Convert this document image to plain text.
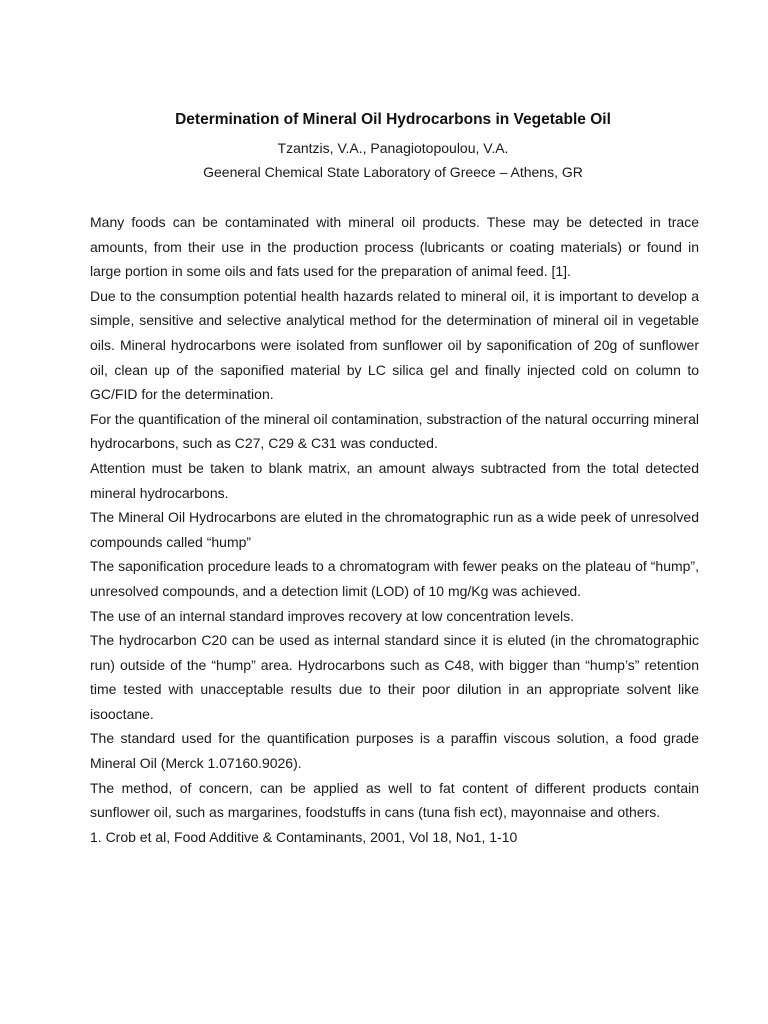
Determination of Mineral Oil Hydrocarbons in Vegetable Oil
Tzantzis, V.A., Panagiotopoulou, V.A.
Geeneral Chemical State Laboratory of Greece – Athens, GR

Many foods can be contaminated with mineral oil products. These may be detected in trace amounts, from their use in the production process (lubricants or coating materials) or found in large portion in some oils and fats used for the preparation of animal feed. [1].

Due to the consumption potential health hazards related to mineral oil, it is important to develop a simple, sensitive and selective analytical method for the determination of mineral oil in vegetable oils. Mineral hydrocarbons were isolated from sunflower oil by saponification of 20g of sunflower oil, clean up of the saponified material by LC silica gel and finally injected cold on column to GC/FID for the determination.

For the quantification of the mineral oil contamination, substraction of the natural occurring mineral hydrocarbons, such as C27, C29 & C31 was conducted.

Attention must be taken to blank matrix, an amount always subtracted from the total detected mineral hydrocarbons.

The Mineral Oil Hydrocarbons are eluted in the chromatographic run as a wide peek of unresolved compounds called “hump”

The saponification procedure leads to a chromatogram with fewer peaks on the plateau of “hump”, unresolved compounds, and a detection limit (LOD) of 10 mg/Kg was achieved.

The use of an internal standard improves recovery at low concentration levels.

The hydrocarbon C20 can be used as internal standard since it is eluted (in the chromatographic run) outside of the “hump” area. Hydrocarbons such as C48, with bigger than “hump’s” retention time tested with unacceptable results due to their poor dilution in an appropriate solvent like isooctane.

The standard used for the quantification purposes is a paraffin viscous solution, a food grade Mineral Oil (Merck 1.07160.9026).

The method, of concern, can be applied as well to fat content of different products contain sunflower oil, such as margarines, foodstuffs in cans (tuna fish ect), mayonnaise and others.

1. Crob et al, Food Additive & Contaminants, 2001, Vol 18, No1, 1-10
